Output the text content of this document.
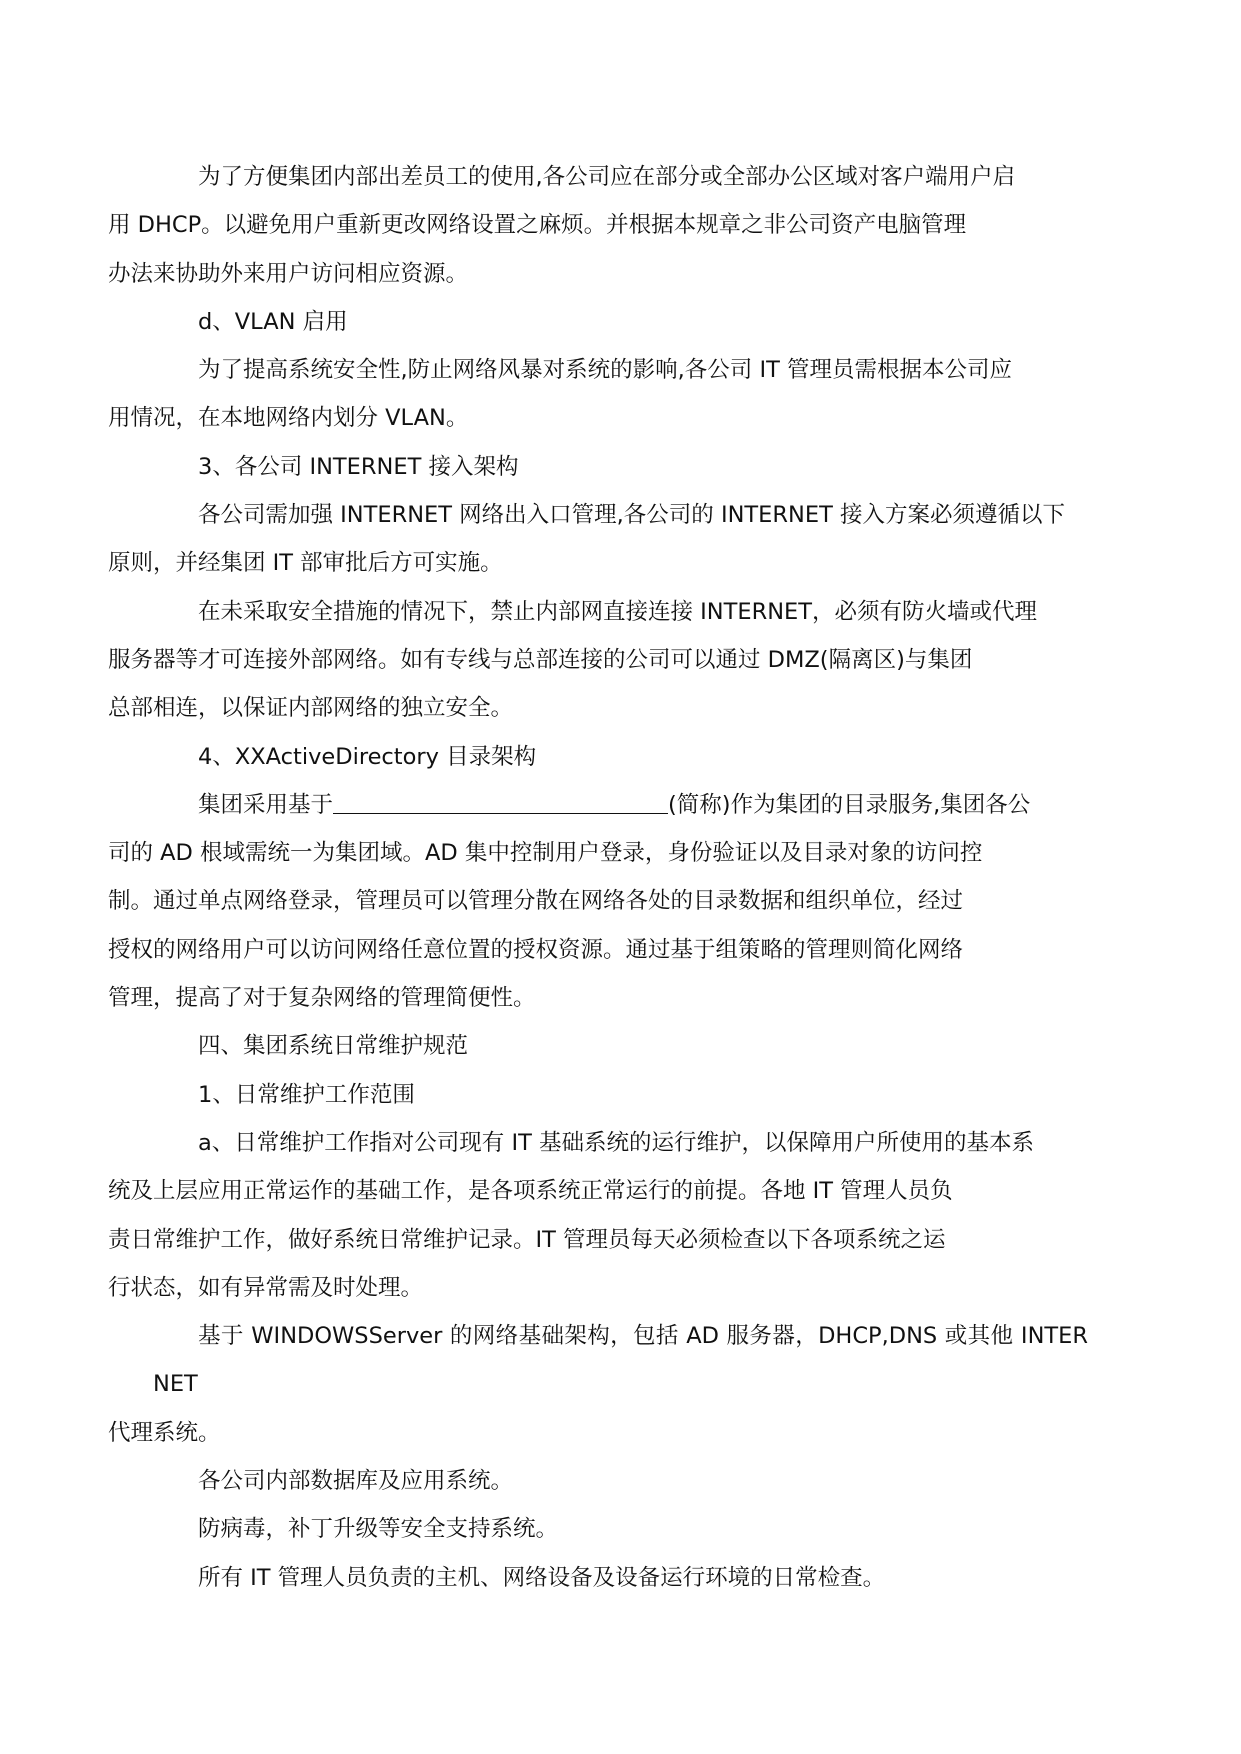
为了方便集团内部出差员工的使用,各公司应在部分或全部办公区域对客户端用户启
用 DHCP。以避免用户重新更改网络设置之麻烦。并根据本规章之非公司资产电脑管理
办法来协助外来用户访问相应资源。

d、VLAN 启用

为了提高系统安全性,防止网络风暴对系统的影响,各公司 IT 管理员需根据本公司应
用情况，在本地网络内划分 VLAN。

3、各公司 INTERNET 接入架构

各公司需加强 INTERNET 网络出入口管理,各公司的 INTERNET 接入方案必须遵循以下
原则，并经集团 IT 部审批后方可实施。

在未采取安全措施的情况下，禁止内部网直接连接 INTERNET，必须有防火墙或代理
服务器等才可连接外部网络。如有专线与总部连接的公司可以通过 DMZ(隔离区)与集团
总部相连，以保证内部网络的独立安全。

4、XXActiveDirectory 目录架构

集团采用基于	(简称)作为集团的目录服务,集团各公
司的 AD 根域需统一为集团域。AD 集中控制用户登录，身份验证以及目录对象的访问控
制。通过单点网络登录，管理员可以管理分散在网络各处的目录数据和组织单位，经过
授权的网络用户可以访问网络任意位置的授权资源。通过基于组策略的管理则简化网络
管理，提高了对于复杂网络的管理简便性。

四、集团系统日常维护规范

1、日常维护工作范围

a、日常维护工作指对公司现有 IT 基础系统的运行维护，以保障用户所使用的基本系
统及上层应用正常运作的基础工作，是各项系统正常运行的前提。各地 IT 管理人员负
责日常维护工作，做好系统日常维护记录。IT 管理员每天必须检查以下各项系统之运
行状态，如有异常需及时处理。

基于 WINDOWSServer 的网络基础架构，包括 AD 服务器，DHCP,DNS 或其他 INTERNET
代理系统。

各公司内部数据库及应用系统。

防病毒，补丁升级等安全支持系统。

所有 IT 管理人员负责的主机、网络设备及设备运行环境的日常检查。
